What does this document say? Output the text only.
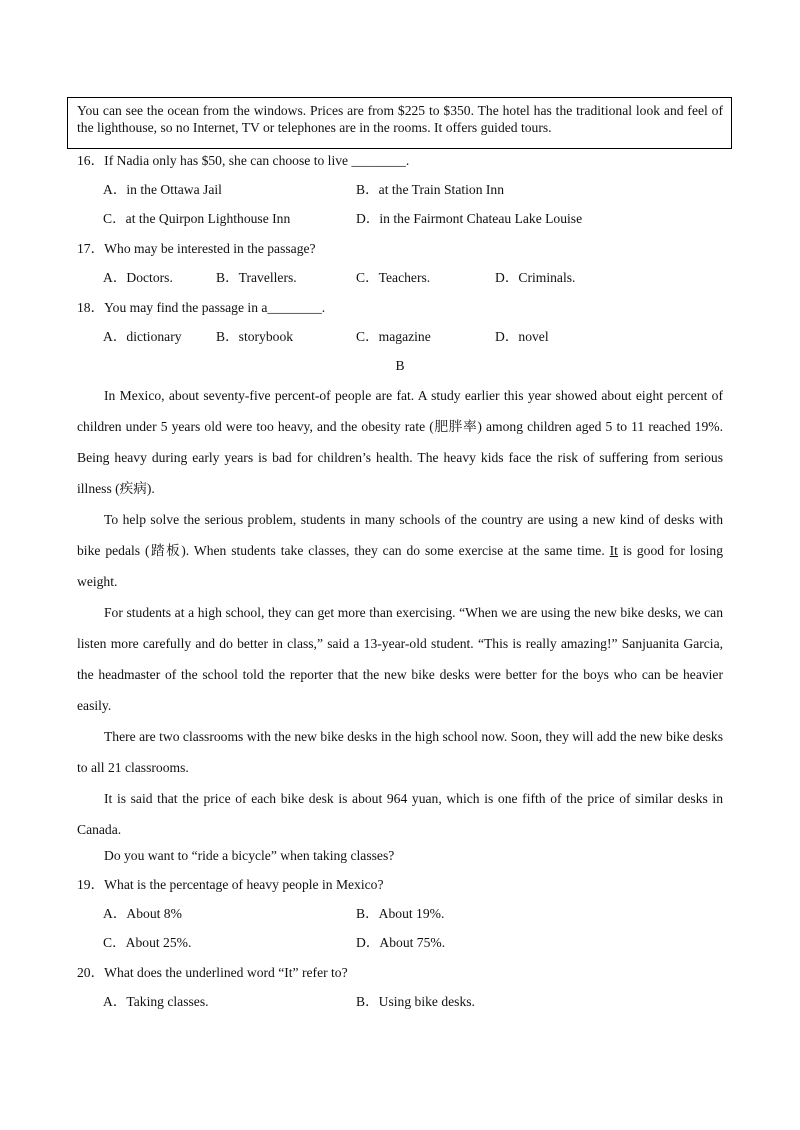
You can see the ocean from the windows. Prices are from $225 to $350. The hotel has the traditional look and feel of the lighthouse, so no Internet, TV or telephones are in the rooms. It offers guided tours.
16．If Nadia only has $50, she can choose to live ________.
A．in the Ottawa Jail	B．at the Train Station Inn
C．at the Quirpon Lighthouse Inn	D．in the Fairmont Chateau Lake Louise
17．Who may be interested in the passage?
A．Doctors.	B．Travellers.	C．Teachers.	D．Criminals.
18．You may find the passage in a________.
A．dictionary	B．storybook	C．magazine	D．novel
B
In Mexico, about seventy-five percent-of people are fat. A study earlier this year showed about eight percent of children under 5 years old were too heavy, and the obesity rate (肥胖率) among children aged 5 to 11 reached 19%. Being heavy during early years is bad for children’s health. The heavy kids face the risk of suffering from serious illness (疾病).
To help solve the serious problem, students in many schools of the country are using a new kind of desks with bike pedals (踏板). When students take classes, they can do some exercise at the same time. It is good for losing weight.
For students at a high school, they can get more than exercising. “When we are using the new bike desks, we can listen more carefully and do better in class,” said a 13-year-old student. “This is really amazing!” Sanjuanita Garcia, the headmaster of the school told the reporter that the new bike desks were better for the boys who can be heavier easily.
There are two classrooms with the new bike desks in the high school now. Soon, they will add the new bike desks to all 21 classrooms.
It is said that the price of each bike desk is about 964 yuan, which is one fifth of the price of similar desks in Canada.
Do you want to “ride a bicycle” when taking classes?
19．What is the percentage of heavy people in Mexico?
A．About 8%	B．About 19%.
C．About 25%.	D．About 75%.
20．What does the underlined word “It” refer to?
A．Taking classes.	B．Using bike desks.
